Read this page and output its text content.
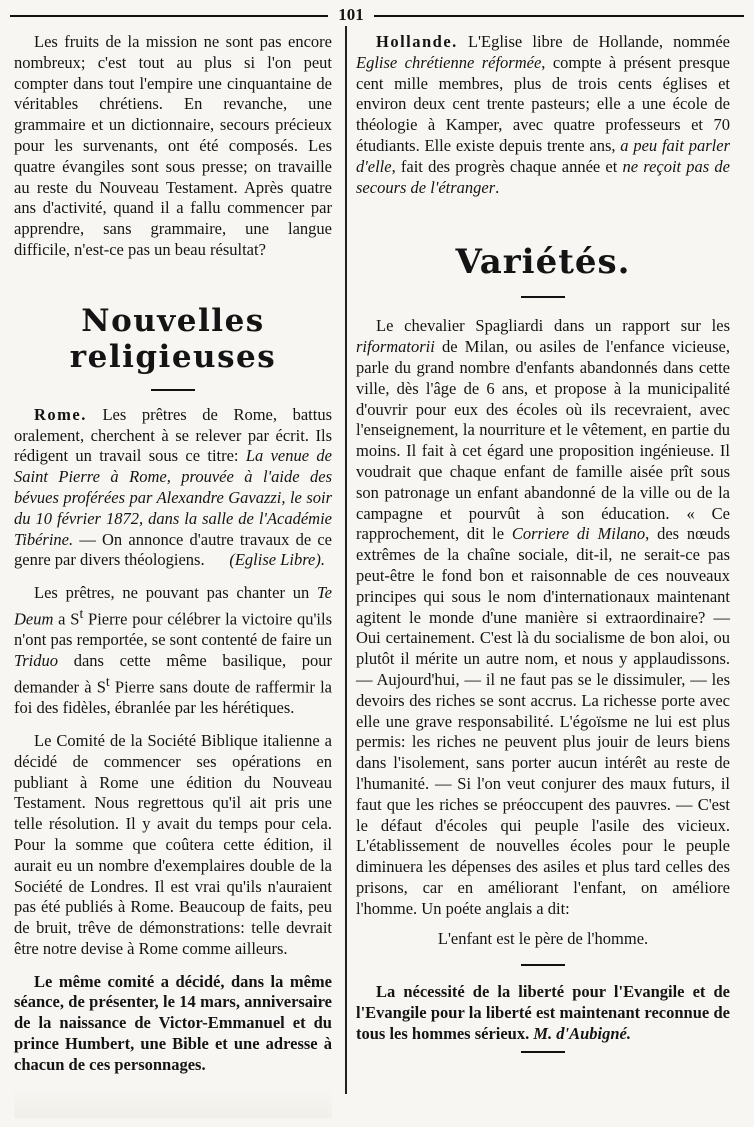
101

Les fruits de la mission ne sont pas encore nombreux; c'est tout au plus si l'on peut compter dans tout l'empire une cinquantaine de véritables chrétiens. En revanche, une grammaire et un dictionnaire, secours précieux pour les survenants, ont été composés. Les quatre évangiles sont sous presse; on travaille au reste du Nouveau Testament. Après quatre ans d'activité, quand il a fallu commencer par apprendre, sans grammaire, une langue difficile, n'est-ce pas un beau résultat?

Nouvelles religieuses

Rome. Les prêtres de Rome, battus oralement, cherchent à se relever par écrit. Ils rédigent un travail sous ce titre: La venue de Saint Pierre à Rome, prouvée à l'aide des bévues proférées par Alexandre Gavazzi, le soir du 10 février 1872, dans la salle de l'Académie Tibérine. — On annonce d'autre travaux de ce genre par divers théologiens. (Eglise Libre).

Les prêtres, ne pouvant pas chanter un Te Deum a $S^t$ Pierre pour célébrer la victoire qu'ils n'ont pas remportée, se sont contenté de faire un Triduo dans cette même basilique, pour demander à $S^t$ Pierre sans doute de raffermir la foi des fidèles, ébranlée par les hérétiques.

Le Comité de la Société Biblique italienne a décidé de commencer ses opérations en publiant à Rome une édition du Nouveau Testament. Nous regrettous qu'il ait pris une telle résolution. Il y avait du temps pour cela. Pour la somme que coûtera cette édition, il aurait eu un nombre d'exemplaires double de la Société de Londres. Il est vrai qu'ils n'auraient pas été publiés à Rome. Beaucoup de faits, peu de bruit, trêve de démonstrations: telle devrait être notre devise à Rome comme ailleurs.

Le même comité a décidé, dans la même séance, de présenter, le 14 mars, anniversaire de la naissance de Victor-Emmanuel et du prince Humbert, une Bible et une adresse à chacun de ces personnages.

Hollande. L'Eglise libre de Hollande, nommée Eglise chrétienne réformée, compte à présent presque cent mille membres, plus de trois cents églises et environ deux cent trente pasteurs; elle a une école de théologie à Kamper, avec quatre professeurs et 70 étudiants. Elle existe depuis trente ans, a peu fait parler d'elle, fait des progrès chaque année et ne reçoit pas de secours de l'étranger.

Variétés.

Le chevalier Spagliardi dans un rapport sur les riformatorii de Milan, ou asiles de l'enfance vicieuse, parle du grand nombre d'enfants abandonnés dans cette ville, dès l'âge de 6 ans, et propose à la municipalité d'ouvrir pour eux des écoles où ils recevraient, avec l'enseignement, la nourriture et le vêtement, en partie du moins. Il fait à cet égard une proposition ingénieuse. Il voudrait que chaque enfant de famille aisée prît sous son patronage un enfant abandonné de la ville ou de la campagne et pourvût à son éducation. « Ce rapprochement, dit le Corriere di Milano, des nœuds extrêmes de la chaîne sociale, dit-il, ne serait-ce pas peut-être le fond bon et raisonnable de ces nouveaux principes qui sous le nom d'internationaux maintenant agitent le monde d'une manière si extraordinaire? — Oui certainement. C'est là du socialisme de bon aloi, ou plutôt il mérite un autre nom, et nous y applaudissons. — Aujourd'hui, — il ne faut pas se le dissimuler, — les devoirs des riches se sont accrus. La richesse porte avec elle une grave responsabilité. L'égoïsme ne lui est plus permis: les riches ne peuvent plus jouir de leurs biens dans l'isolement, sans porter aucun intérêt au reste de l'humanité. — Si l'on veut conjurer des maux futurs, il faut que les riches se préoccupent des pauvres. — C'est le défaut d'écoles qui peuple l'asile des vicieux. L'établissement de nouvelles écoles pour le peuple diminuera les dépenses des asiles et plus tard celles des prisons, car en améliorant l'enfant, on améliore l'homme. Un poéte anglais a dit:

L'enfant est le père de l'homme.

La nécessité de la liberté pour l'Evangile et de l'Evangile pour la liberté est maintenant reconnue de tous les hommes sérieux. M. d'Aubigné.
